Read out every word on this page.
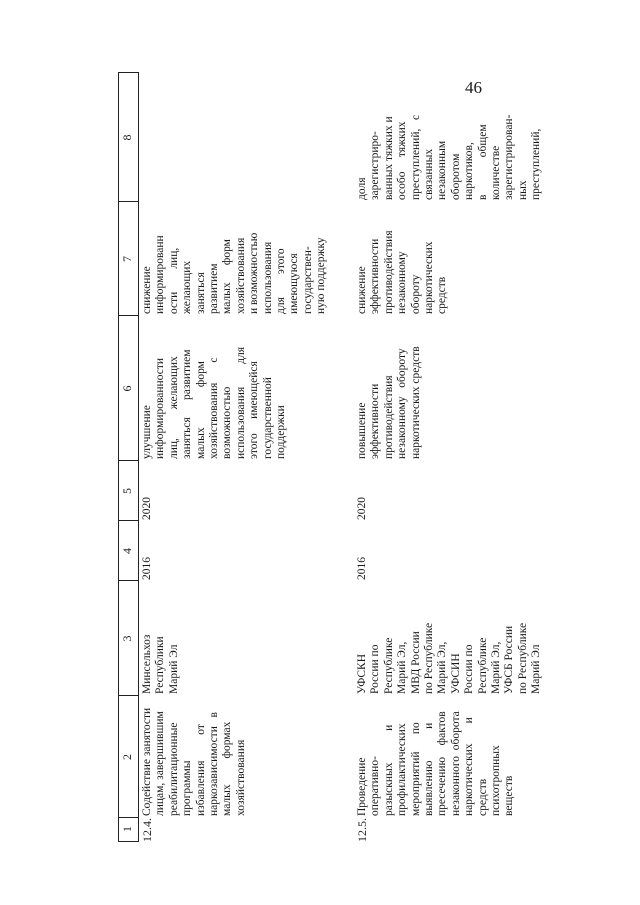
46
1
2
3
4
5
6
7
8
12.4.
Содействие занятости
лицам, завершившим
реабилитационные
программы
избавления         от
наркозависимости   в
малых         формах
хозяйствования
Минсельхоз
Республики
Марий Эл
2016
2020
улучшение
информированности
лиц,          желающих
заняться      развитием
малых              форм
хозяйствования       с
возможностью
использования        для
этого     имеющейся
государственной
поддержки
снижение
информированн
ости        лиц,
желающих
заняться
развитием
малых      форм
хозяйствования
и возможностью
использования
для        этого
имеющуюся
государствен-
ную поддержку
12.5.
Проведение
оперативно-
разыскных           и
профилактических
мероприятий      по
выявлению           и
пресечению    фактов
незаконного  оборота
наркотических       и
средств
психотропных
веществ
УФСКН
России по
Республике
Марий Эл,
МВД России
по Республике
Марий Эл,
УФСИН
России по
Республике
Марий Эл,
УФСБ России
по Республике
Марий Эл
2016
2020
повышение
эффективности
противодействия
незаконному   обороту
наркотических средств
снижение
эффективности
противодействия
незаконному
обороту
наркотических
средств
доля
зарегистриро-
ванных тяжких и
особо     тяжких
преступлений,   с
связанных
незаконным
оборотом
наркотиков,
в             общем
количестве
зарегистрирован-
ных
преступлений,
